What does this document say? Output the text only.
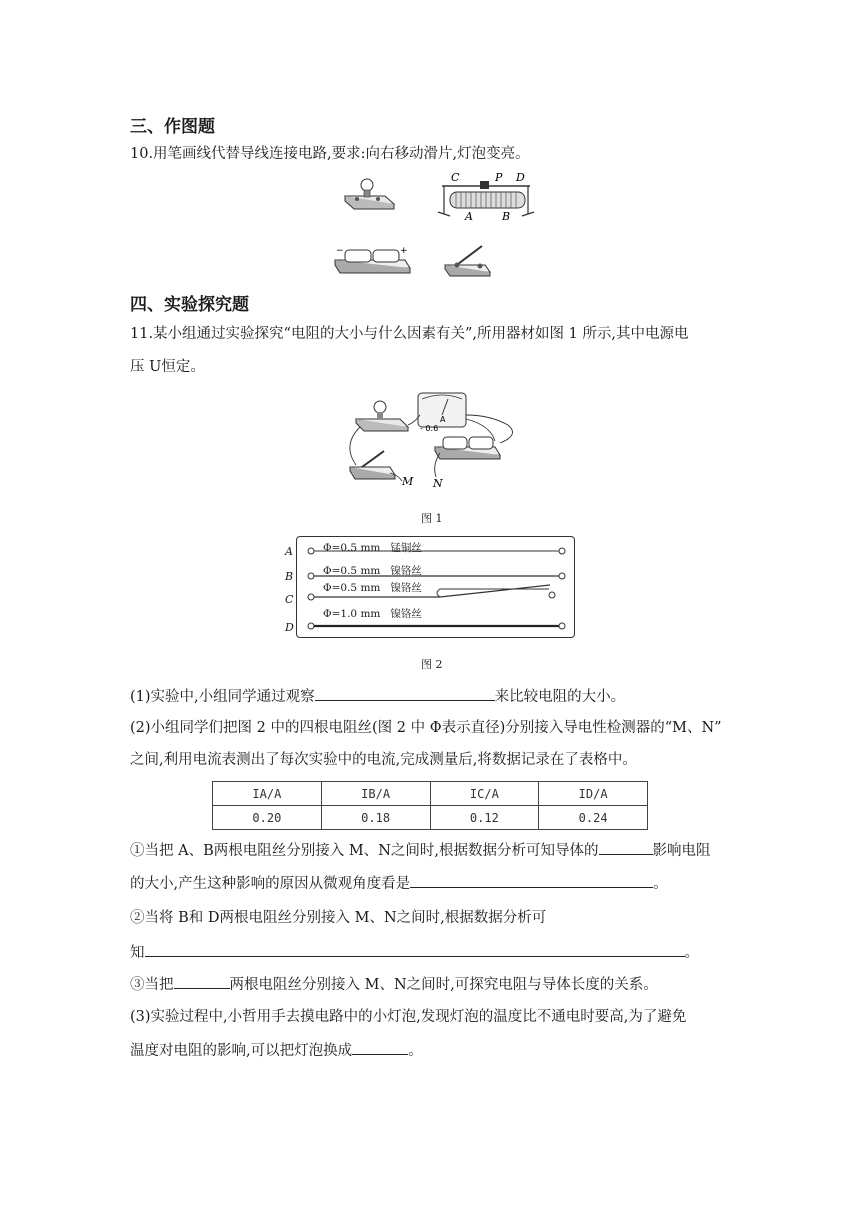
三、作图题
10.用笔画线代替导线连接电路,要求:向右移动滑片,灯泡变亮。
C	P D
A	B
−	+
四、实验探究题
11.某小组通过实验探究“电阻的大小与什么因素有关”,所用器材如图 1 所示,其中电源电
压 U恒定。
A
- 0.6
M N
图 1
A
B
C
D
Φ=0.5 mm 锰铜丝
Φ=0.5 mm 镍铬丝
Φ=0.5 mm 镍铬丝
Φ=1.0 mm 镍铬丝
图 2
(1)实验中,小组同学通过观察	来比较电阻的大小。
(2)小组同学们把图 2 中的四根电阻丝(图 2 中 Φ表示直径)分别接入导电性检测器的“M、N”
之间,利用电流表测出了每次实验中的电流,完成测量后,将数据记录在了表格中。
IA/A	IB/A	IC/A	ID/A
0.20	0.18	0.12	0.24
①当把 A、B两根电阻丝分别接入 M、N之间时,根据数据分析可知导体的	影响电阻
的大小,产生这种影响的原因从微观角度看是	。
②当将 B和 D两根电阻丝分别接入 M、N之间时,根据数据分析可
知	。
③当把	两根电阻丝分别接入 M、N之间时,可探究电阻与导体长度的关系。
(3)实验过程中,小哲用手去摸电路中的小灯泡,发现灯泡的温度比不通电时要高,为了避免
温度对电阻的影响,可以把灯泡换成	。
